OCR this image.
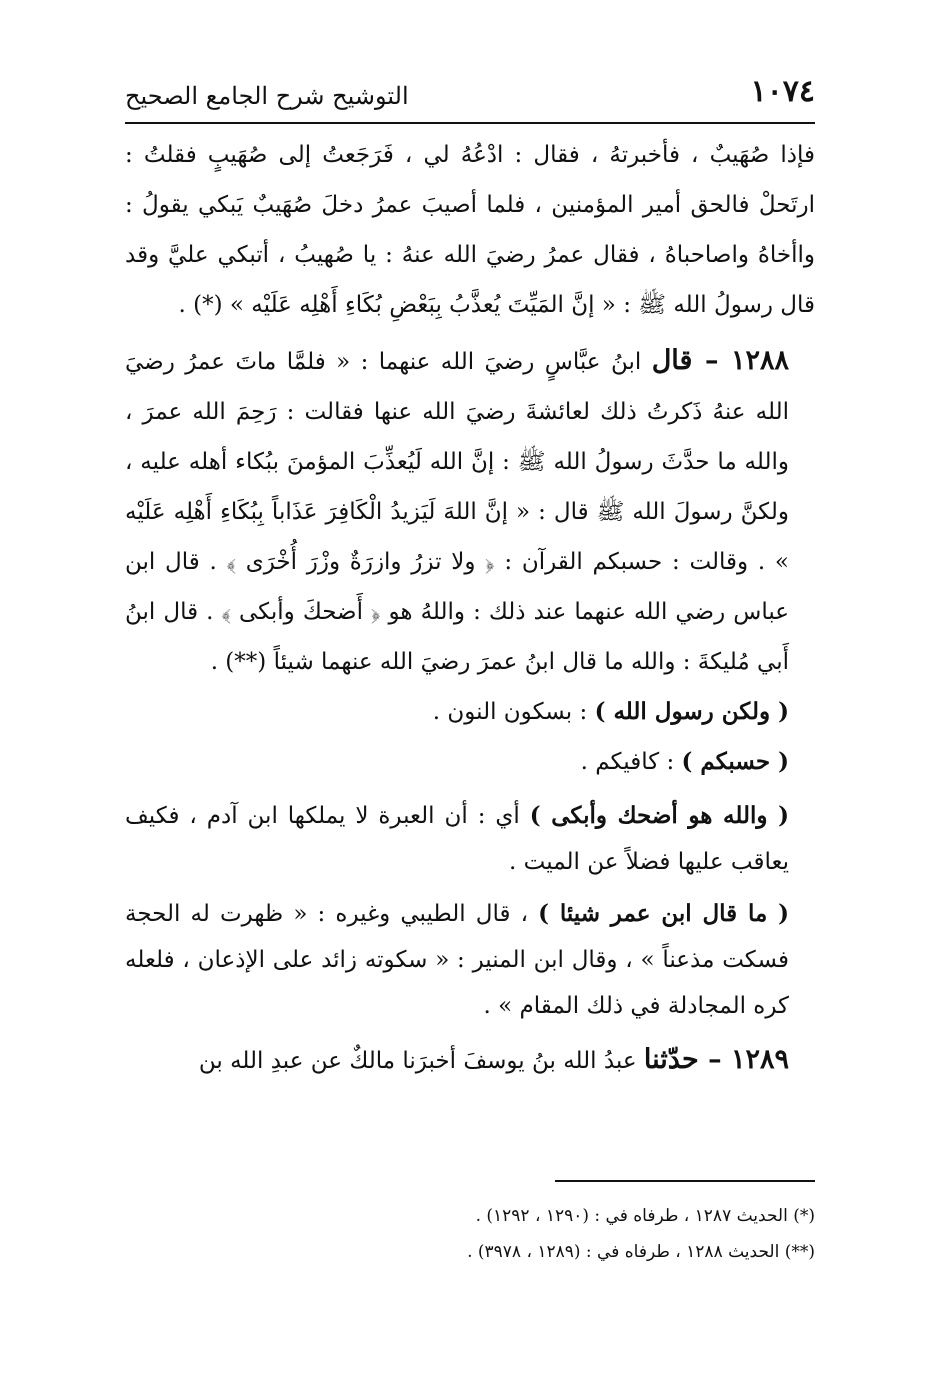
١٠٧٤
التوشيح شرح الجامع الصحيح

فإذا صُهَيبٌ ، فأخبرتهُ ، فقال : ادْعُهُ لي ، فَرَجَعتُ إلى صُهَيبٍ فقلتُ : ارتَحلْ فالحق أمير المؤمنين ، فلما أصيبَ عمرُ دخلَ صُهَيبٌ يَبكي يقولُ : واأخاهُ واصاحباهُ ، فقال عمرُ رضيَ الله عنهُ : يا صُهيبُ ، أتبكي عليَّ وقد قال رسولُ الله ﷺ : « إنَّ المَيِّتَ يُعذَّبُ بِبَعْضِ بُكَاءِ أَهْلِه عَلَيْه » (*) .

١٢٨٨ – قال ابنُ عبَّاسٍ رضيَ الله عنهما : « فلمَّا ماتَ عمرُ رضيَ الله عنهُ ذَكرتُ ذلك لعائشةَ رضيَ الله عنها فقالت : رَحِمَ الله عمرَ ، والله ما حدَّثَ رسولُ الله ﷺ : إنَّ الله لَيُعذِّبَ المؤمنَ ببُكاء أهله عليه ، ولكنَّ رسولَ الله ﷺ قال : « إنَّ اللهَ لَيَزيدُ الْكَافِرَ عَذَاباً بِبُكَاءِ أَهْلِه عَلَيْه » . وقالت : حسبكم القرآن : ﴿ ولا تزرُ وازرَةٌ وزْرَ أُخْرَى ﴾ . قال ابن عباس رضي الله عنهما عند ذلك : واللهُ هو ﴿ أَضحكَ وأبكى ﴾ . قال ابنُ أَبي مُليكةَ : والله ما قال ابنُ عمرَ رضيَ الله عنهما شيئاً (**) .

( ولكن رسول الله ) : بسكون النون .

( حسبكم ) : كافيكم .

( والله هو أضحك وأبكى ) أي : أن العبرة لا يملكها ابن آدم ، فكيف يعاقب عليها فضلاً عن الميت .

( ما قال ابن عمر شيئا ) ، قال الطيبي وغيره : « ظهرت له الحجة فسكت مذعناً » ، وقال ابن المنير : « سكوته زائد على الإذعان ، فلعله كره المجادلة في ذلك المقام » .

١٢٨٩ – حدّثنا عبدُ الله بنُ يوسفَ أخبرَنا مالكٌ عن عبدِ الله بن

(*) الحديث ١٢٨٧ ، طرفاه في : (١٢٩٠ ، ١٢٩٢) .

(**) الحديث ١٢٨٨ ، طرفاه في : (١٢٨٩ ، ٣٩٧٨) .
